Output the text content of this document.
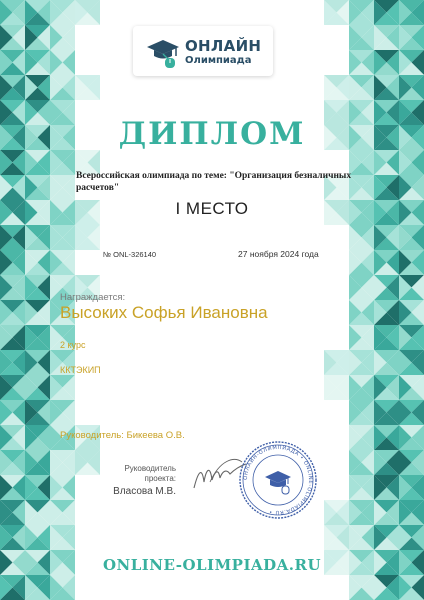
ОНЛАЙН
Олимпиада
ДИПЛОМ
Всероссийская олимпиада по теме: "Организация безналичных расчетов"
I МЕСТО
№ ONL-326140	27 ноября 2024 года
Награждается:
Высоких Софья Ивановна
2 курс
ККТЭКИП
Руководитель: Бикеева О.В.
Руководитель проекта:
Власова М.В.
ОНЛАЙН-ОЛИМПИАДА • ONLINE-OLIMPIADA.RU •
ONLINE-OLIMPIADA.RU
